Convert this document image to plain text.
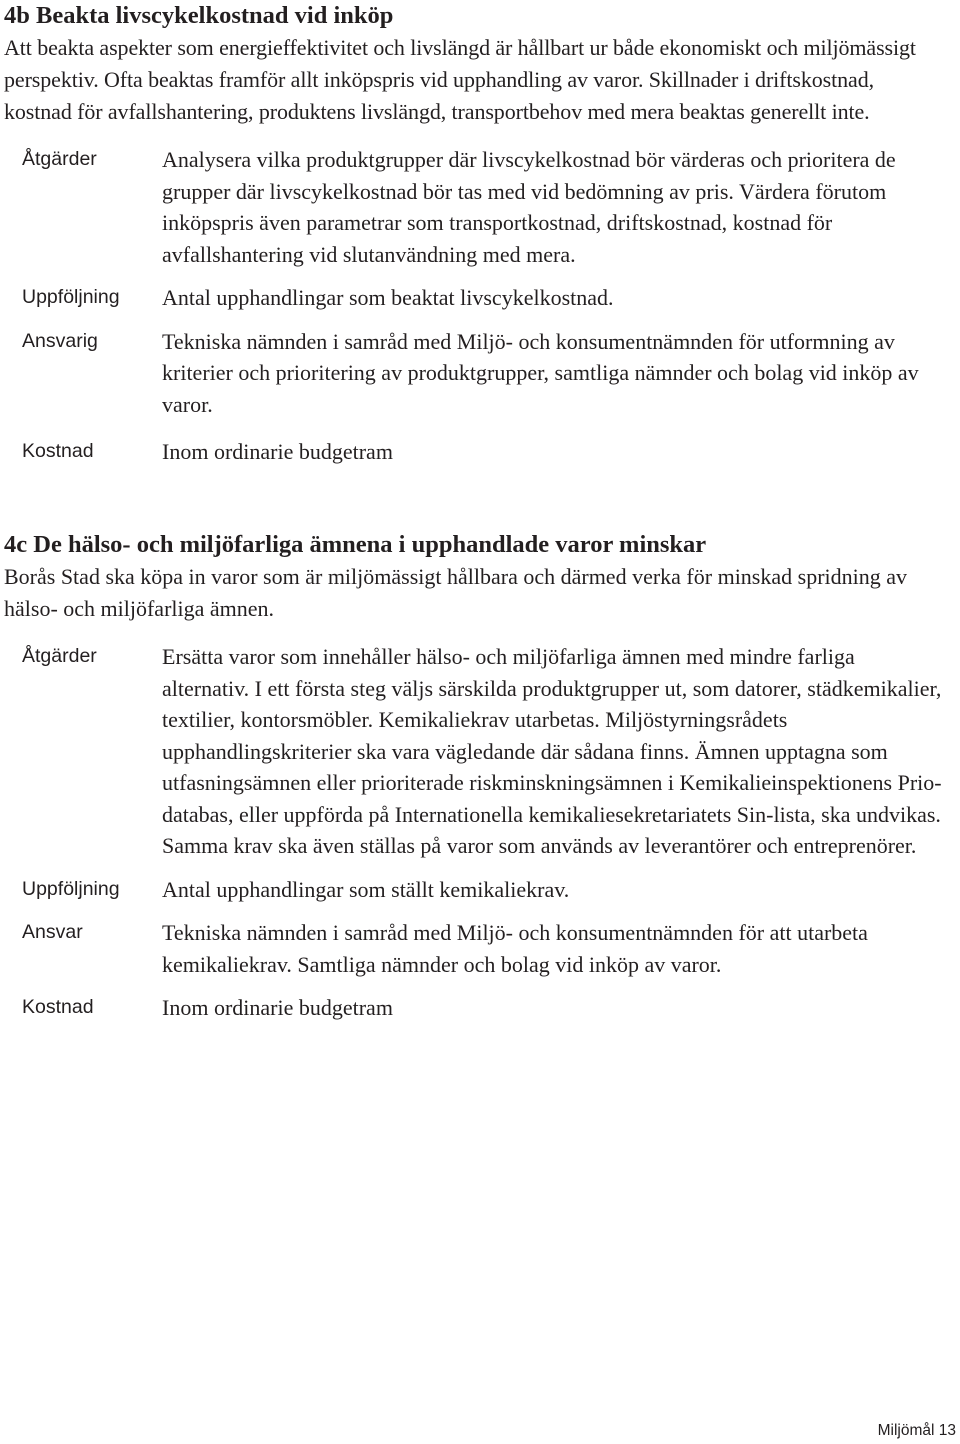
4b Beakta livscykelkostnad vid inköp

Att beakta aspekter som energieffektivitet och livslängd är hållbart ur både ekonomiskt och miljömässigt perspektiv. Ofta beaktas framför allt inköpspris vid upphandling av varor. Skillnader i driftskostnad, kostnad för avfallshantering, produktens livslängd, transportbehov med mera beaktas generellt inte.

Åtgärder	Analysera vilka produktgrupper där livscykelkostnad bör värderas och prioritera de grupper där livscykelkostnad bör tas med vid bedömning av pris. Värdera förutom inköpspris även parametrar som transportkostnad, driftskostnad, kostnad för avfallshantering vid slutanvändning med mera.
Uppföljning	Antal upphandlingar som beaktat livscykelkostnad.
Ansvarig	Tekniska nämnden i samråd med Miljö- och konsumentnämnden för utformning av kriterier och prioritering av produktgrupper, samtliga nämnder och bolag vid inköp av varor.
Kostnad	Inom ordinarie budgetram
4c De hälso- och miljöfarliga ämnena i upphandlade varor minskar

Borås Stad ska köpa in varor som är miljömässigt hållbara och därmed verka för minskad spridning av hälso- och miljöfarliga ämnen.

Åtgärder	Ersätta varor som innehåller hälso- och miljöfarliga ämnen med mindre farliga alternativ. I ett första steg väljs särskilda produktgrupper ut, som datorer, städkemikalier, textilier, kontorsmöbler. Kemikaliekrav utarbetas. Miljöstyrningsrådets upphandlingskriterier ska vara vägledande där sådana finns. Ämnen upptagna som utfasningsämnen eller prioriterade riskminskningsämnen i Kemikalieinspektionens Prio-databas, eller uppförda på Internationella kemikaliesekretariatets Sin-lista, ska undvikas. Samma krav ska även ställas på varor som används av leverantörer och entreprenörer.
Uppföljning	Antal upphandlingar som ställt kemikaliekrav.
Ansvar	Tekniska nämnden i samråd med Miljö- och konsumentnämnden för att utarbeta kemikaliekrav. Samtliga nämnder och bolag vid inköp av varor.
Kostnad	Inom ordinarie budgetram
Miljömål 13
